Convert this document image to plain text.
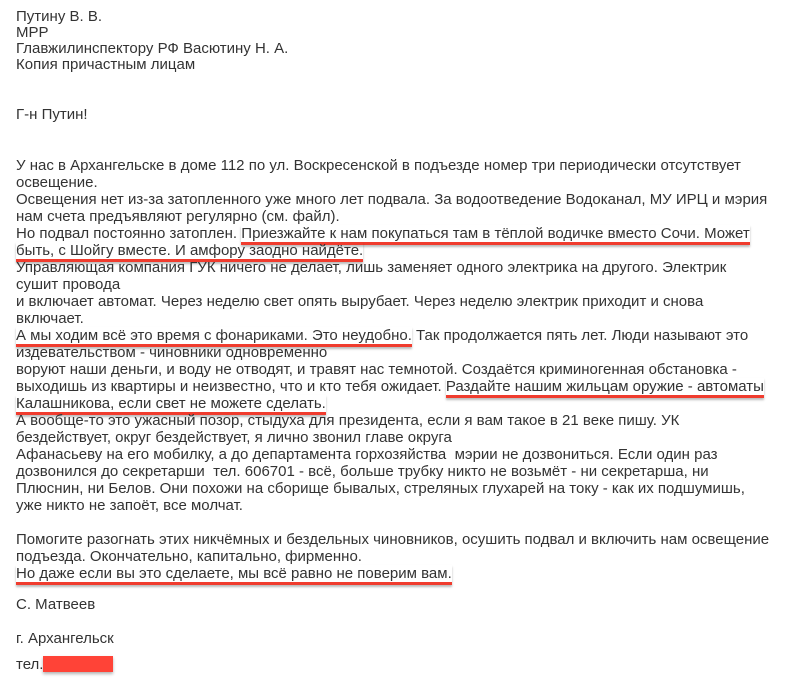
Путину В. В.
МРР
Главжилинспектору РФ Васютину Н. А.
Копия причастным лицам
Г-н Путин!
У нас в Архангельске в доме 112 по ул. Воскресенской в подъезде номер три периодически отсутствует
освещение.
Освещения нет из-за затопленного уже много лет подвала. За водоотведение Водоканал, МУ ИРЦ и мэрия
нам счета предъявляют регулярно (см. файл).
Но подвал постоянно затоплен. Приезжайте к нам покупаться там в тёплой водичке вместо Сочи. Может
быть, с Шойгу вместе. И амфору заодно найдёте.
Управляющая компания ГУК ничего не делает, лишь заменяет одного электрика на другого. Электрик
сушит провода
и включает автомат. Через неделю свет опять вырубает. Через неделю электрик приходит и снова
включает.
А мы ходим всё это время с фонариками. Это неудобно. Так продолжается пять лет. Люди называют это
издевательством - чиновники одновременно
воруют наши деньги, и воду не отводят, и травят нас темнотой. Создаётся криминогенная обстановка -
выходишь из квартиры и неизвестно, что и кто тебя ожидает. Раздайте нашим жильцам оружие - автоматы
Калашникова, если свет не можете сделать.
А вообще-то это ужасный позор, стыдуха для президента, если я вам такое в 21 веке пишу. УК
бездействует, округ бездействует, я лично звонил главе округа
Афанасьеву на его мобилку, а до департамента горхозяйства  мэрии не дозвониться. Если один раз
дозвонился до секретарши  тел. 606701 - всё, больше трубку никто не возьмёт - ни секретарша, ни
Плюснин, ни Белов. Они похожи на сборище бывалых, стреляных глухарей на току - как их подшумишь,
уже никто не запоёт, все молчат.
Помогите разогнать этих никчёмных и бездельных чиновников, осушить подвал и включить нам освещение
подъезда. Окончательно, капитально, фирменно.
Но даже если вы это сделаете, мы всё равно не поверим вам.
С. Матвеев
г. Архангельск
тел.
